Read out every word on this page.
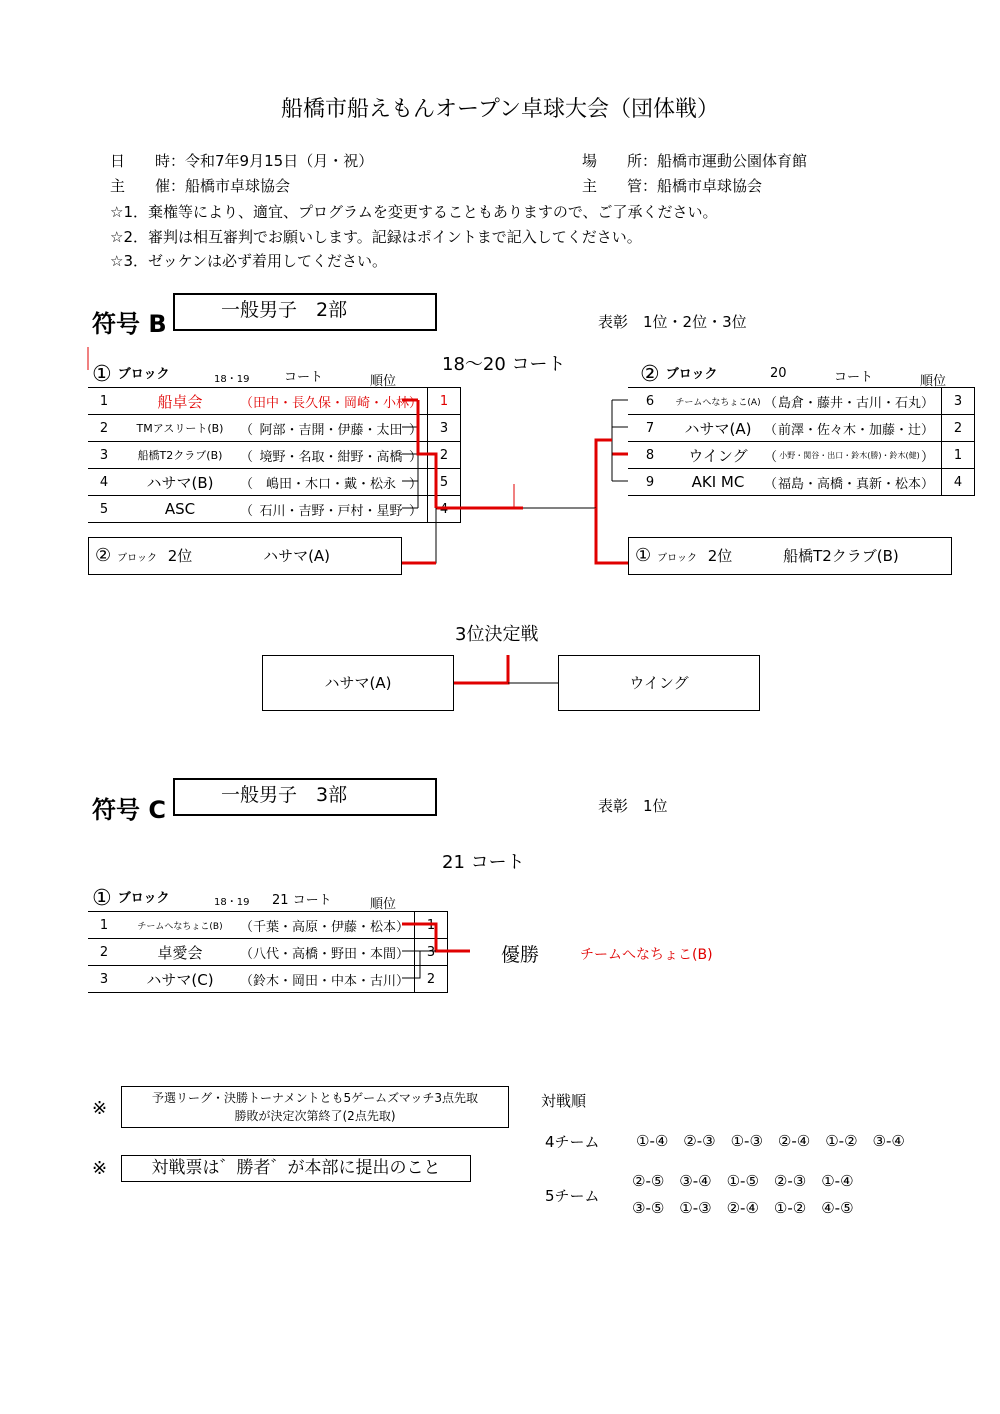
船橋市船えもんオープン卓球大会（団体戦）
日　　時：令和7年9月15日（月・祝）	場　　所：船橋市運動公園体育館
主　　催：船橋市卓球協会	主　　管：船橋市卓球協会
☆1．棄権等により、適宜、プログラムを変更することもありますので、ご了承ください。
☆2．審判は相互審判でお願いします。記録はポイントまで記入してください。
☆3．ゼッケンは必ず着用してください。
符号 B	一般男子　2部
表彰　1位・2位・3位
18～20 コート
① ブロック	18・19	コート	順位
1	船卓会	（	田中・長久保・岡崎・小林	）	1
2	TMアスリート(B)	（	阿部・吉開・伊藤・太田	）	3
3	船橋T2クラブ(B)	（	境野・名取・紺野・高橋	）	2
4	ハサマ(B)	（	嶋田・木口・戴・松永	）	5
5	ASC	（	石川・吉野・戸村・星野	）	4
② ブロック	20	コート	順位
6	チームへなちょこ(A)	（	島倉・藤井・古川・石丸	）	3
7	ハサマ(A)	（	前澤・佐々木・加藤・辻	）	2
8	ウイング	（	小野・関谷・出口・鈴木(勝)・鈴木(健)	）	1
9	AKI MC	（	福島・高橋・真新・松本	）	4
② ブロック 2位	ハサマ(A)	① ブロック 2位	船橋T2クラブ(B)
3位決定戦
ハサマ(A)	ウイング
符号 C
一般男子　3部	表彰　1位
21 コート
① ブロック	18・19 21 コート	順位
1	チームへなちょこ(B)	（	千葉・高原・伊藤・松本	）	1
2	卓愛会	（	八代・高橋・野田・本間	）	3
3	ハサマ(C)	（	鈴木・岡田・中本・古川	）	2
優勝	チームへなちょこ(B)
※	予選リーグ・決勝トーナメントとも5ゲームズマッチ3点先取
勝敗が決定次第終了(2点先取)
※	対戦票は゛勝者゛が本部に提出のこと
対戦順
4チーム ①-④　②-③　①-③　②-④　①-②　③-④
5チーム
②-⑤　③-④　①-⑤　②-③　①-④
③-⑤　①-③　②-④　①-②　④-⑤
